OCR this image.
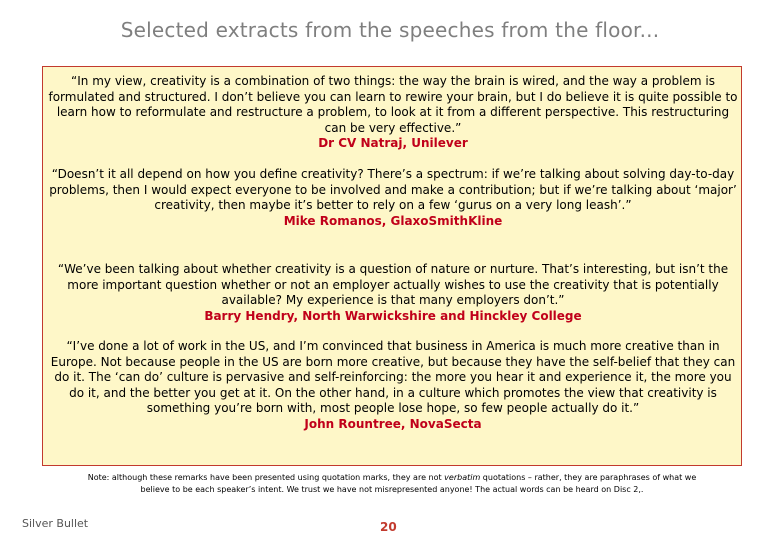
Selected extracts from the speeches from the floor...
“In my view, creativity is a combination of two things: the way the brain is wired, and the way a problem is formulated and structured. I don’t believe you can learn to rewire your brain, but I do believe it is quite possible to learn how to reformulate and restructure a problem, to look at it from a different perspective. This restructuring can be very effective.”
Dr CV Natraj, Unilever
“Doesn’t it all depend on how you define creativity? There’s a spectrum: if we’re talking about solving day-to-day problems, then I would expect everyone to be involved and make a contribution; but if we’re talking about ‘major’ creativity, then maybe it’s better to rely on a few ‘gurus on a very long leash’.”
Mike Romanos, GlaxoSmithKline
“We’ve been talking about whether creativity is a question of nature or nurture. That’s interesting, but isn’t the more important question whether or not an employer actually wishes to use the creativity that is potentially available? My experience is that many employers don’t.”
Barry Hendry, North Warwickshire and Hinckley College
“I’ve done a lot of work in the US, and I’m convinced that business in America is much more creative than in Europe. Not because people in the US are born more creative, but because they have the self-belief that they can do it. The ‘can do’ culture is pervasive and self-reinforcing: the more you hear it and experience it, the more you do it, and the better you get at it. On the other hand, in a culture which promotes the view that creativity is something you’re born with, most people lose hope, so few people actually do it.”
John Rountree, NovaSecta
Note: although these remarks have been presented using quotation marks, they are not verbatim quotations – rather, they are paraphrases of what we believe to be each speaker’s intent. We trust we have not misrepresented anyone! The actual words can be heard on Disc 2,.
Silver Bullet	20
